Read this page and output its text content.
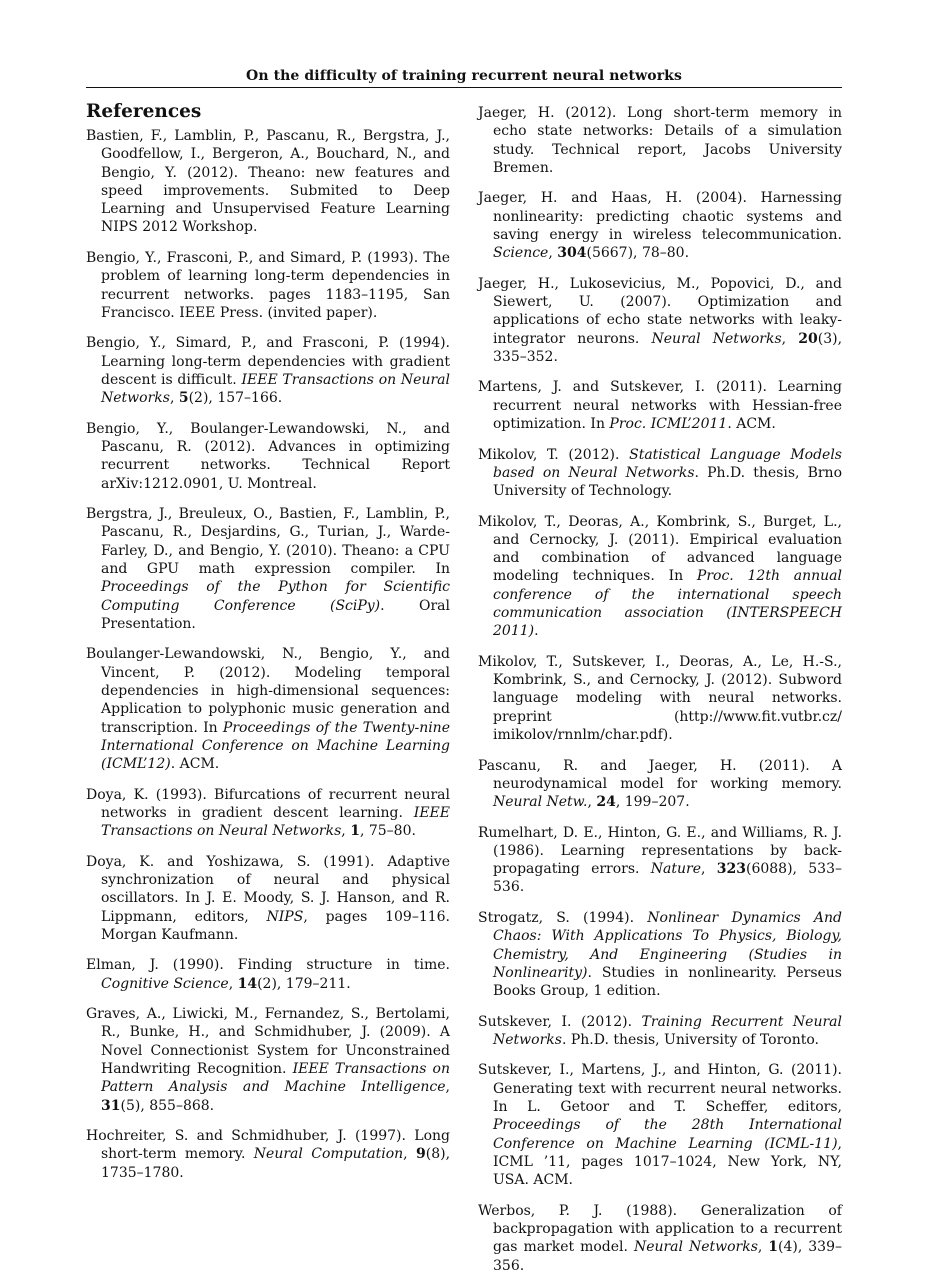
On the difficulty of training recurrent neural networks
References

Bastien, F., Lamblin, P., Pascanu, R., Bergstra, J., Goodfellow, I., Bergeron, A., Bouchard, N., and Bengio, Y. (2012). Theano: new features and speed improvements. Submited to Deep Learning and Unsupervised Feature Learning NIPS 2012 Workshop.

Bengio, Y., Frasconi, P., and Simard, P. (1993). The problem of learning long-term dependencies in recurrent networks. pages 1183–1195, San Francisco. IEEE Press. (invited paper).

Bengio, Y., Simard, P., and Frasconi, P. (1994). Learning long-term dependencies with gradient descent is difficult. IEEE Transactions on Neural Networks, 5(2), 157–166.

Bengio, Y., Boulanger-Lewandowski, N., and Pascanu, R. (2012). Advances in optimizing recurrent networks. Technical Report arXiv:1212.0901, U. Montreal.

Bergstra, J., Breuleux, O., Bastien, F., Lamblin, P., Pascanu, R., Desjardins, G., Turian, J., Warde-Farley, D., and Bengio, Y. (2010). Theano: a CPU and GPU math expression compiler. In Proceedings of the Python for Scientific Computing Conference (SciPy). Oral Presentation.

Boulanger-Lewandowski, N., Bengio, Y., and Vincent, P. (2012). Modeling temporal dependencies in high-dimensional sequences: Application to polyphonic music generation and transcription. In Proceedings of the Twenty-nine International Conference on Machine Learning (ICML’12). ACM.

Doya, K. (1993). Bifurcations of recurrent neural networks in gradient descent learning. IEEE Transactions on Neural Networks, 1, 75–80.

Doya, K. and Yoshizawa, S. (1991). Adaptive synchronization of neural and physical oscillators. In J. E. Moody, S. J. Hanson, and R. Lippmann, editors, NIPS, pages 109–116. Morgan Kaufmann.

Elman, J. (1990). Finding structure in time. Cognitive Science, 14(2), 179–211.

Graves, A., Liwicki, M., Fernandez, S., Bertolami, R., Bunke, H., and Schmidhuber, J. (2009). A Novel Connectionist System for Unconstrained Handwriting Recognition. IEEE Transactions on Pattern Analysis and Machine Intelligence, 31(5), 855–868.

Hochreiter, S. and Schmidhuber, J. (1997). Long short-term memory. Neural Computation, 9(8), 1735–1780.

Jaeger, H. (2012). Long short-term memory in echo state networks: Details of a simulation study. Technical report, Jacobs University Bremen.

Jaeger, H. and Haas, H. (2004). Harnessing nonlinearity: predicting chaotic systems and saving energy in wireless telecommunication. Science, 304(5667), 78–80.

Jaeger, H., Lukosevicius, M., Popovici, D., and Siewert, U. (2007). Optimization and applications of echo state networks with leaky- integrator neurons. Neural Networks, 20(3), 335–352.

Martens, J. and Sutskever, I. (2011). Learning recurrent neural networks with Hessian-free optimization. In Proc. ICML’2011. ACM.

Mikolov, T. (2012). Statistical Language Models based on Neural Networks. Ph.D. thesis, Brno University of Technology.

Mikolov, T., Deoras, A., Kombrink, S., Burget, L., and Cernocky, J. (2011). Empirical evaluation and combination of advanced language modeling techniques. In Proc. 12th annual conference of the international speech communication association (INTERSPEECH 2011).

Mikolov, T., Sutskever, I., Deoras, A., Le, H.-S., Kombrink, S., and Cernocky, J. (2012). Subword language modeling with neural networks. preprint (http://www.fit.vutbr.cz/ imikolov/rnnlm/char.pdf).

Pascanu, R. and Jaeger, H. (2011). A neurodynamical model for working memory. Neural Netw., 24, 199–207.

Rumelhart, D. E., Hinton, G. E., and Williams, R. J. (1986). Learning representations by back-propagating errors. Nature, 323(6088), 533–536.

Strogatz, S. (1994). Nonlinear Dynamics And Chaos: With Applications To Physics, Biology, Chemistry, And Engineering (Studies in Nonlinearity). Studies in nonlinearity. Perseus Books Group, 1 edition.

Sutskever, I. (2012). Training Recurrent Neural Networks. Ph.D. thesis, University of Toronto.

Sutskever, I., Martens, J., and Hinton, G. (2011). Generating text with recurrent neural networks. In L. Getoor and T. Scheffer, editors, Proceedings of the 28th International Conference on Machine Learning (ICML-11), ICML ’11, pages 1017–1024, New York, NY, USA. ACM.

Werbos, P. J. (1988). Generalization of backpropagation with application to a recurrent gas market model. Neural Networks, 1(4), 339–356.
